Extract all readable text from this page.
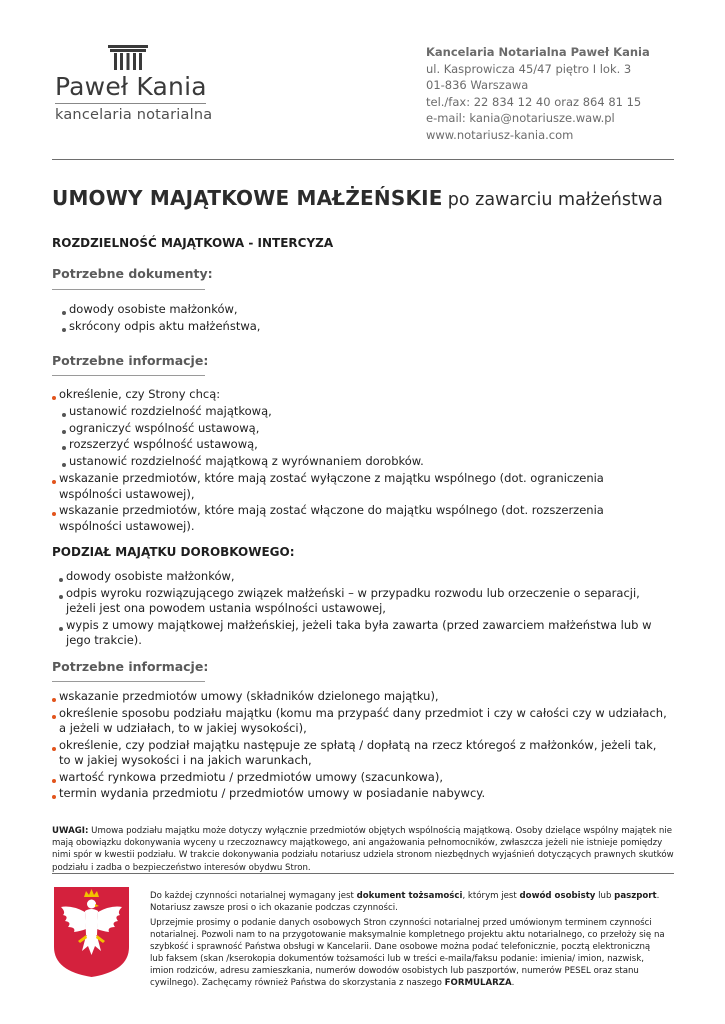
Paweł Kania
kancelaria notarialna
Kancelaria Notarialna Paweł Kania
ul. Kasprowicza 45/47 piętro I lok. 3
01-836 Warszawa
tel./fax: 22 834 12 40 oraz 864 81 15
e-mail: kania@notariusze.waw.pl
www.notariusz-kania.com
UMOWY MAJĄTKOWE MAŁŻEŃSKIE po zawarciu małżeństwa
ROZDZIELNOŚĆ MAJĄTKOWA - INTERCYZA
Potrzebne dokumenty:
dowody osobiste małżonków,
skrócony odpis aktu małżeństwa,
Potrzebne informacje:
określenie, czy Strony chcą:
ustanowić rozdzielność majątkową,
ograniczyć wspólność ustawową,
rozszerzyć wspólność ustawową,
ustanowić rozdzielność majątkową z wyrównaniem dorobków.
wskazanie przedmiotów, które mają zostać wyłączone z majątku wspólnego (dot. ograniczenia wspólności ustawowej),
wskazanie przedmiotów, które mają zostać włączone do majątku wspólnego (dot. rozszerzenia wspólności ustawowej).
PODZIAŁ MAJĄTKU DOROBKOWEGO:
dowody osobiste małżonków,
odpis wyroku rozwiązującego związek małżeński – w przypadku rozwodu lub orzeczenie o separacji, jeżeli jest ona powodem ustania wspólności ustawowej,
wypis z umowy majątkowej małżeńskiej, jeżeli taka była zawarta (przed zawarciem małżeństwa lub w jego trakcie).
Potrzebne informacje:
wskazanie przedmiotów umowy (składników dzielonego majątku),
określenie sposobu podziału majątku (komu ma przypaść dany przedmiot i czy w całości czy w udziałach, a jeżeli w udziałach, to w jakiej wysokości),
określenie, czy podział majątku następuje ze spłatą / dopłatą na rzecz któregoś z małżonków, jeżeli tak, to w jakiej wysokości i na jakich warunkach,
wartość rynkowa przedmiotu / przedmiotów umowy (szacunkowa),
termin wydania przedmiotu / przedmiotów umowy w posiadanie nabywcy.
UWAGI: Umowa podziału majątku może dotyczy wyłącznie przedmiotów objętych wspólnością majątkową. Osoby dzielące wspólny majątek nie mają obowiązku dokonywania wyceny u rzeczoznawcy majątkowego, ani angażowania pełnomocników, zwłaszcza jeżeli nie istnieje pomiędzy nimi spór w kwestii podziału. W trakcie dokonywania podziału notariusz udziela stronom niezbędnych wyjaśnień dotyczących prawnych skutków podziału i zadba o bezpieczeństwo interesów obydwu Stron.

Do każdej czynności notarialnej wymagany jest dokument tożsamości, którym jest dowód osobisty lub paszport. Notariusz zawsze prosi o ich okazanie podczas czynności.

Uprzejmie prosimy o podanie danych osobowych Stron czynności notarialnej przed umówionym terminem czynności notarialnej. Pozwoli nam to na przygotowanie maksymalnie kompletnego projektu aktu notarialnego, co przełoży się na szybkość i sprawność Państwa obsługi w Kancelarii. Dane osobowe można podać telefonicznie, pocztą elektroniczną lub faksem (skan /kserokopia dokumentów tożsamości lub w treści e-maila/faksu podanie: imienia/ imion, nazwisk, imion rodziców, adresu zamieszkania, numerów dowodów osobistych lub paszportów, numerów PESEL oraz stanu cywilnego). Zachęcamy również Państwa do skorzystania z naszego FORMULARZA.
